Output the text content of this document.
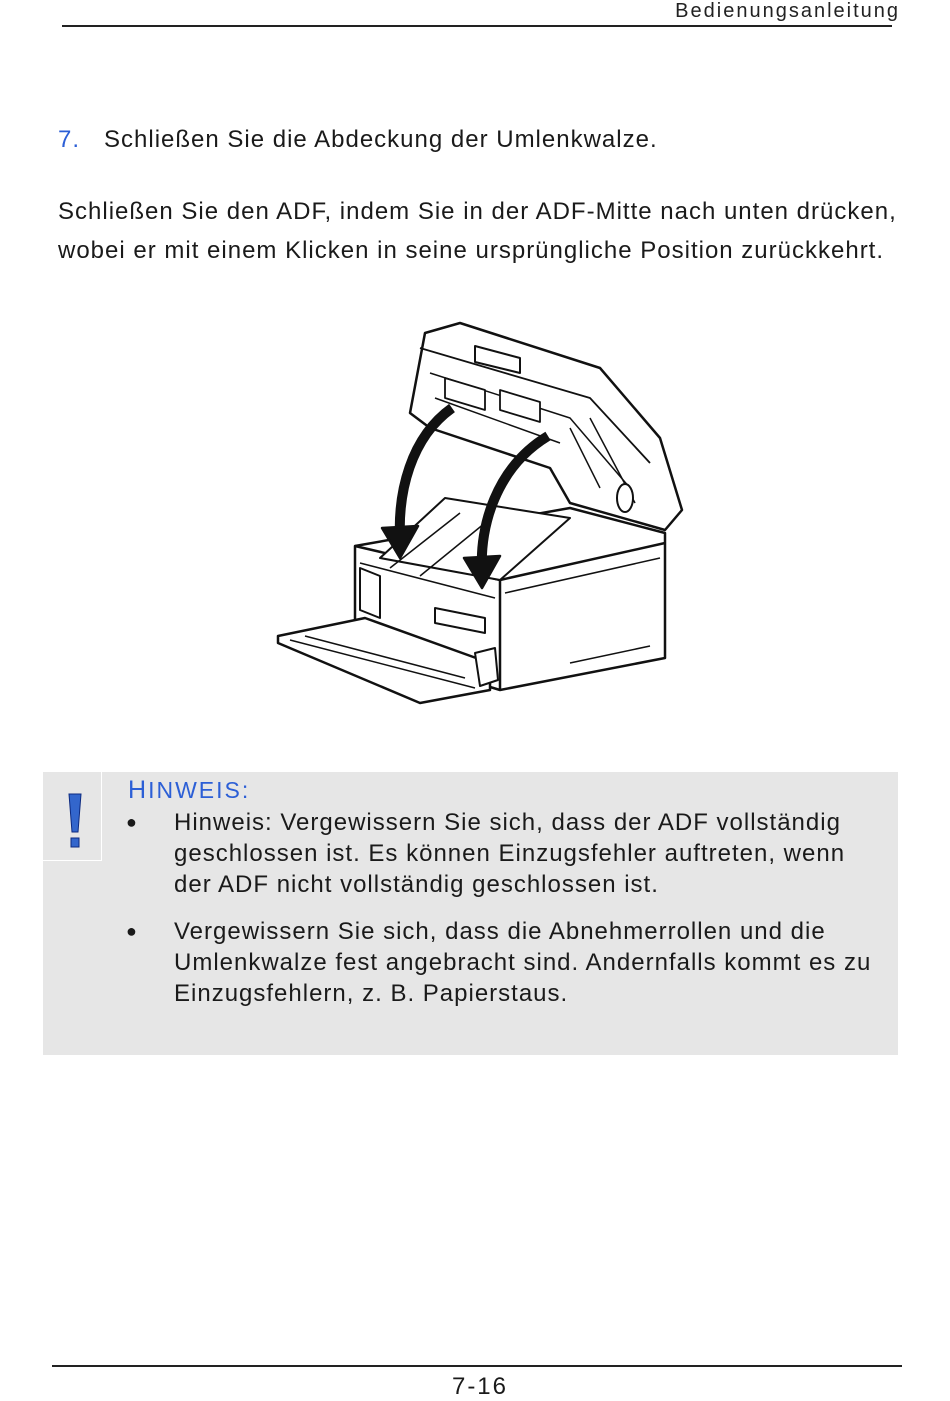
Bedienungsanleitung
7. Schließen Sie die Abdeckung der Umlenkwalze.
Schließen Sie den ADF, indem Sie in der ADF-Mitte nach unten drücken, wobei er mit einem Klicken in seine ursprüngliche Position zurückkehrt.
HINWEIS:
● Hinweis: Vergewissern Sie sich, dass der ADF vollständig geschlossen ist. Es können Einzugsfehler auftreten, wenn der ADF nicht vollständig geschlossen ist.
● Vergewissern Sie sich, dass die Abnehmerrollen und die Umlenkwalze fest angebracht sind. Andernfalls kommt es zu Einzugsfehlern, z. B. Papierstaus.
7-16
